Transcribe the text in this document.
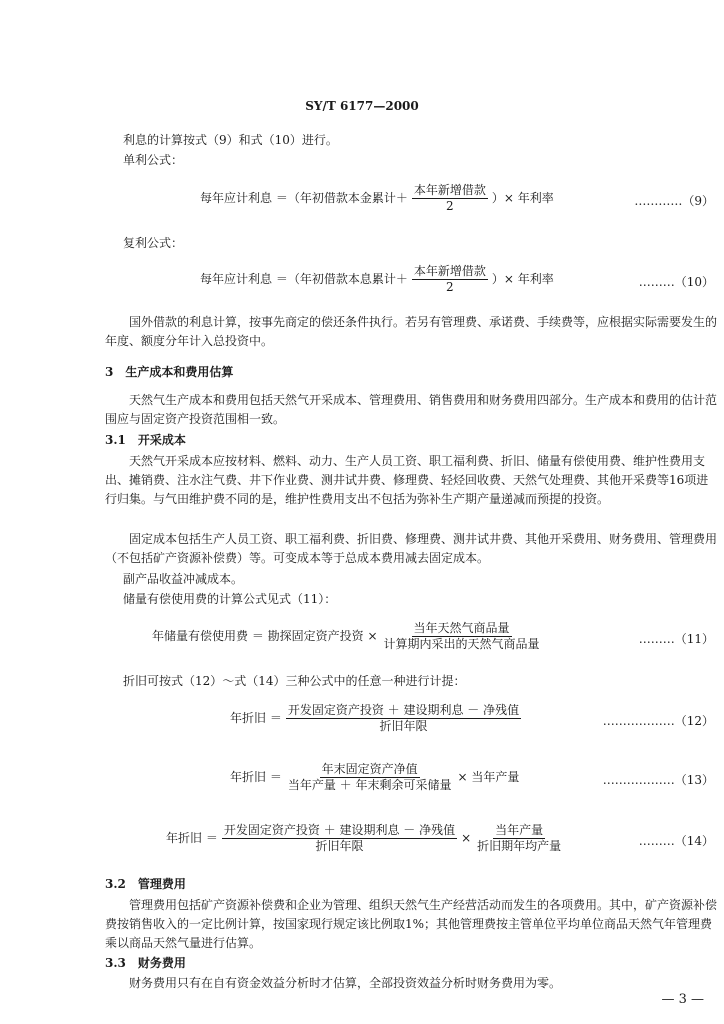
SY/T 6177—2000
利息的计算按式（9）和式（10）进行。
单利公式：
每年应计利息 ＝（年初借款本金累计＋ $\frac{\text{本年新增借款}}{2}$ ）× 年利率	…………（9）
复利公式：
每年应计利息 ＝（年初借款本息累计＋ $\frac{\text{本年新增借款}}{2}$ ）× 年利率	………（10）
国外借款的利息计算，按事先商定的偿还条件执行。若另有管理费、承诺费、手续费等，应根据实际需要发生的年度、额度分年计入总投资中。
3　生产成本和费用估算
天然气生产成本和费用包括天然气开采成本、管理费用、销售费用和财务费用四部分。生产成本和费用的估计范围应与固定资产投资范围相一致。
3.1　开采成本
天然气开采成本应按材料、燃料、动力、生产人员工资、职工福利费、折旧、储量有偿使用费、维护性费用支出、摊销费、注水注气费、井下作业费、测井试井费、修理费、轻烃回收费、天然气处理费、其他开采费等16项进行归集。与气田维护费不同的是，维护性费用支出不包括为弥补生产期产量递减而预提的投资。
固定成本包括生产人员工资、职工福利费、折旧费、修理费、测井试井费、其他开采费用、财务费用、管理费用（不包括矿产资源补偿费）等。可变成本等于总成本费用减去固定成本。
副产品收益冲减成本。
储量有偿使用费的计算公式见式（11）：
年储量有偿使用费 ＝ 勘探固定资产投资 × $\frac{\text{当年天然气商品量}}{\text{计算期内采出的天然气商品量}}$	………（11）
折旧可按式（12）～式（14）三种公式中的任意一种进行计提：
年折旧 ＝ $\frac{\text{开发固定资产投资 ＋ 建设期利息 － 净残值}}{\text{折旧年限}}$	………………（12）
年折旧 ＝ $\frac{\text{年末固定资产净值}}{\text{当年产量 ＋ 年末剩余可采储量}}$ × 当年产量	………………（13）
年折旧 ＝ $\frac{\text{开发固定资产投资 ＋ 建设期利息 － 净残值}}{\text{折旧年限}} \times \frac{\text{当年产量}}{\text{折旧期年均产量}}$	………（14）
3.2　管理费用
管理费用包括矿产资源补偿费和企业为管理、组织天然气生产经营活动而发生的各项费用。其中，矿产资源补偿费按销售收入的一定比例计算，按国家现行规定该比例取1%；其他管理费按主管单位平均单位商品天然气年管理费乘以商品天然气量进行估算。
3.3　财务费用
财务费用只有在自有资金效益分析时才估算，全部投资效益分析时财务费用为零。
— 3 —
